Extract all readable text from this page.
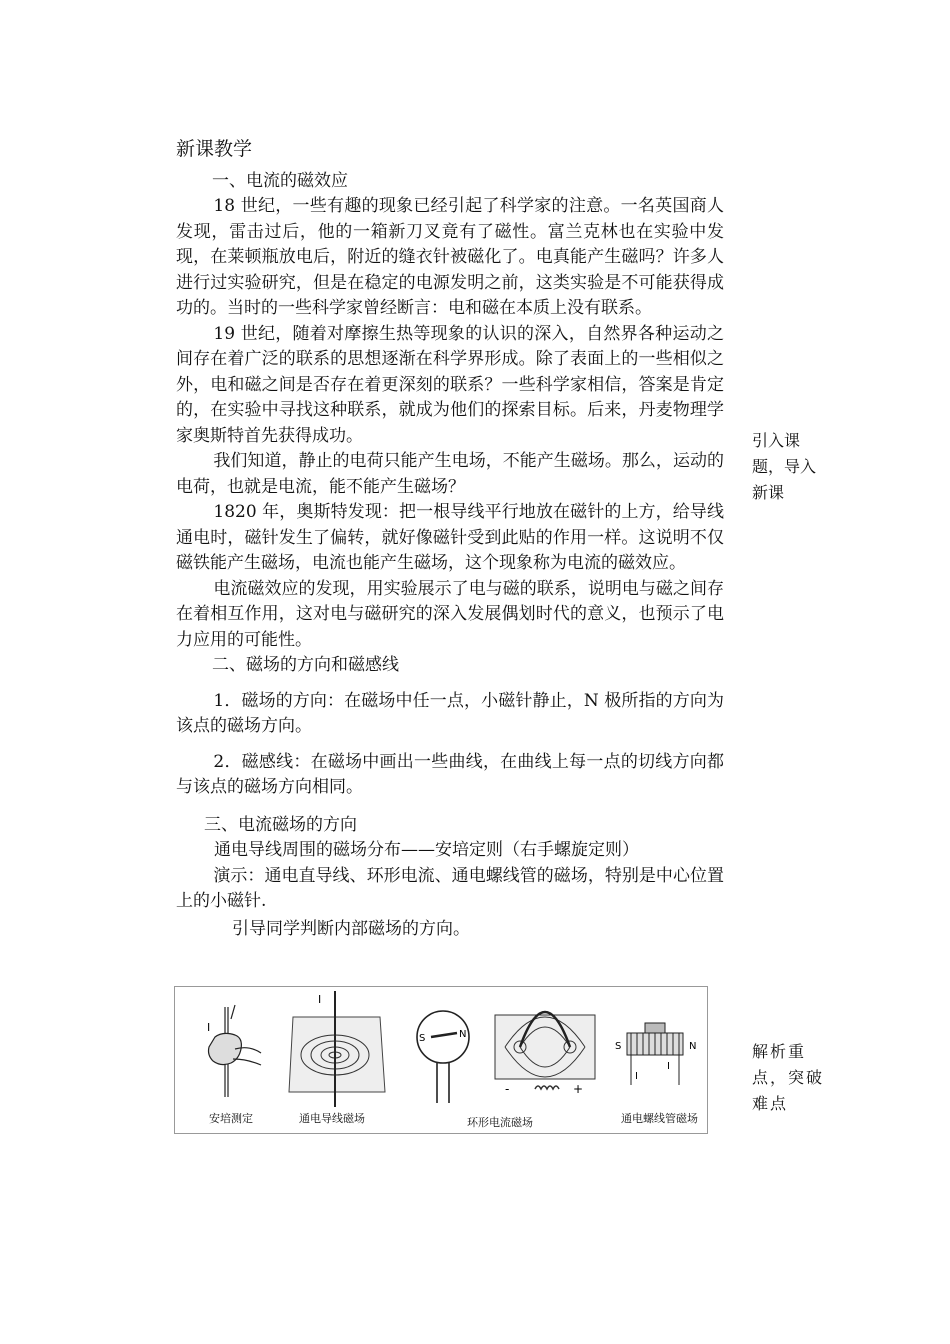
新课教学

一、电流的磁效应

18 世纪，一些有趣的现象已经引起了科学家的注意。一名英国商人发现，雷击过后，他的一箱新刀叉竟有了磁性。富兰克林也在实验中发现，在莱顿瓶放电后，附近的缝衣针被磁化了。电真能产生磁吗？许多人进行过实验研究，但是在稳定的电源发明之前，这类实验是不可能获得成功的。当时的一些科学家曾经断言：电和磁在本质上没有联系。

19 世纪，随着对摩擦生热等现象的认识的深入，自然界各种运动之间存在着广泛的联系的思想逐渐在科学界形成。除了表面上的一些相似之外，电和磁之间是否存在着更深刻的联系？一些科学家相信，答案是肯定的，在实验中寻找这种联系，就成为他们的探索目标。后来，丹麦物理学家奥斯特首先获得成功。

我们知道，静止的电荷只能产生电场，不能产生磁场。那么，运动的电荷，也就是电流，能不能产生磁场？

1820 年，奥斯特发现：把一根导线平行地放在磁针的上方，给导线通电时，磁针发生了偏转，就好像磁针受到此贴的作用一样。这说明不仅磁铁能产生磁场，电流也能产生磁场，这个现象称为电流的磁效应。

电流磁效应的发现，用实验展示了电与磁的联系，说明电与磁之间存在着相互作用，这对电与磁研究的深入发展偶划时代的意义，也预示了电力应用的可能性。

二、磁场的方向和磁感线

1．磁场的方向：在磁场中任一点，小磁针静止，N 极所指的方向为该点的磁场方向。

2．磁感线：在磁场中画出一些曲线，在曲线上每一点的切线方向都与该点的磁场方向相同。

三、电流磁场的方向

通电导线周围的磁场分布——安培定则（右手螺旋定则）

演示：通电直导线、环形电流、通电螺线管的磁场，特别是中心位置上的小磁针.

引导同学判断内部磁场的方向。

引入课题，导入新课
解析重点，突破难点
I
I
S	N
-	+
S	N
I
I
安培测定	通电导线磁场	环形电流磁场	通电螺线管磁场
